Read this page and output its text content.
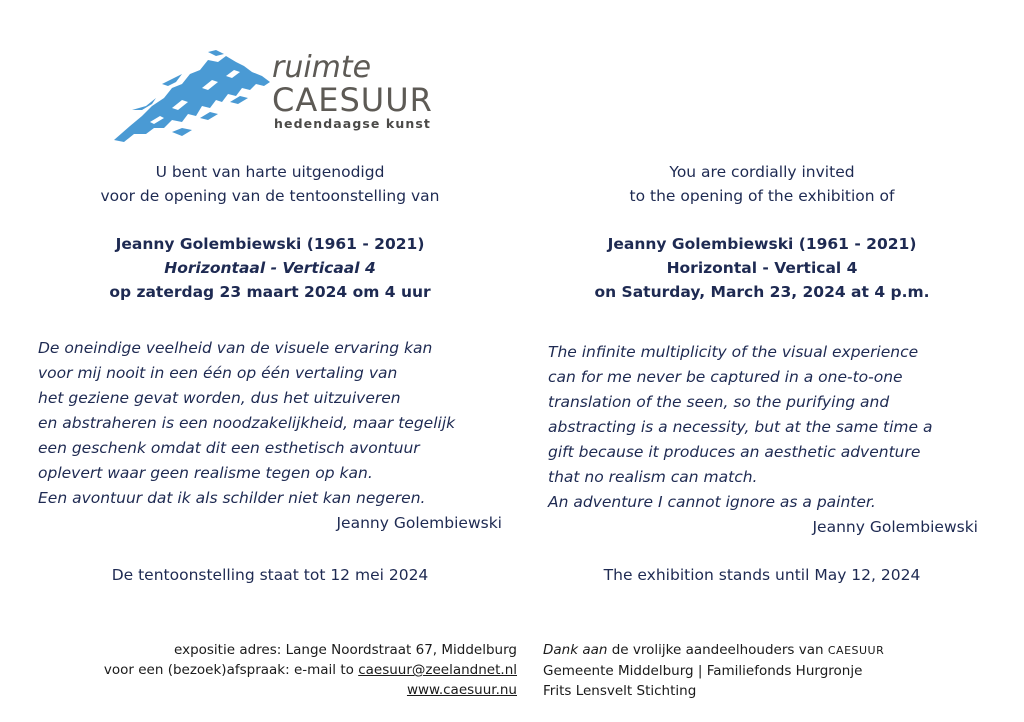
ruimte
CAESUUR
hedendaagse kunst
U bent van harte uitgenodigd
voor de opening van de tentoonstelling van
Jeanny Golembiewski (1961 - 2021)
Horizontaal - Verticaal 4
op zaterdag 23 maart 2024 om 4 uur
You are cordially invited
to the opening of the exhibition of
Jeanny Golembiewski (1961 - 2021)
Horizontal - Vertical 4
on Saturday, March 23, 2024 at 4 p.m.
De oneindige veelheid van de visuele ervaring kan
voor mij nooit in een één op één vertaling van
het geziene gevat worden, dus het uitzuiveren
en abstraheren is een noodzakelijkheid, maar tegelijk
een geschenk omdat dit een esthetisch avontuur
oplevert waar geen realisme tegen op kan.
Een avontuur dat ik als schilder niet kan negeren.
Jeanny Golembiewski
The infinite multiplicity of the visual experience
can for me never be captured in a one-to-one
translation of the seen, so the purifying and
abstracting is a necessity, but at the same time a
gift because it produces an aesthetic adventure
that no realism can match.
An adventure I cannot ignore as a painter.
Jeanny Golembiewski
De tentoonstelling staat tot 12 mei 2024	The exhibition stands until May 12, 2024
expositie adres: Lange Noordstraat 67, Middelburg
voor een (bezoek)afspraak: e-mail to caesuur@zeelandnet.nl
www.caesuur.nu
Dank aan de vrolijke aandeelhouders van CAESUUR
Gemeente Middelburg | Familiefonds Hurgronje
Frits Lensvelt Stichting
